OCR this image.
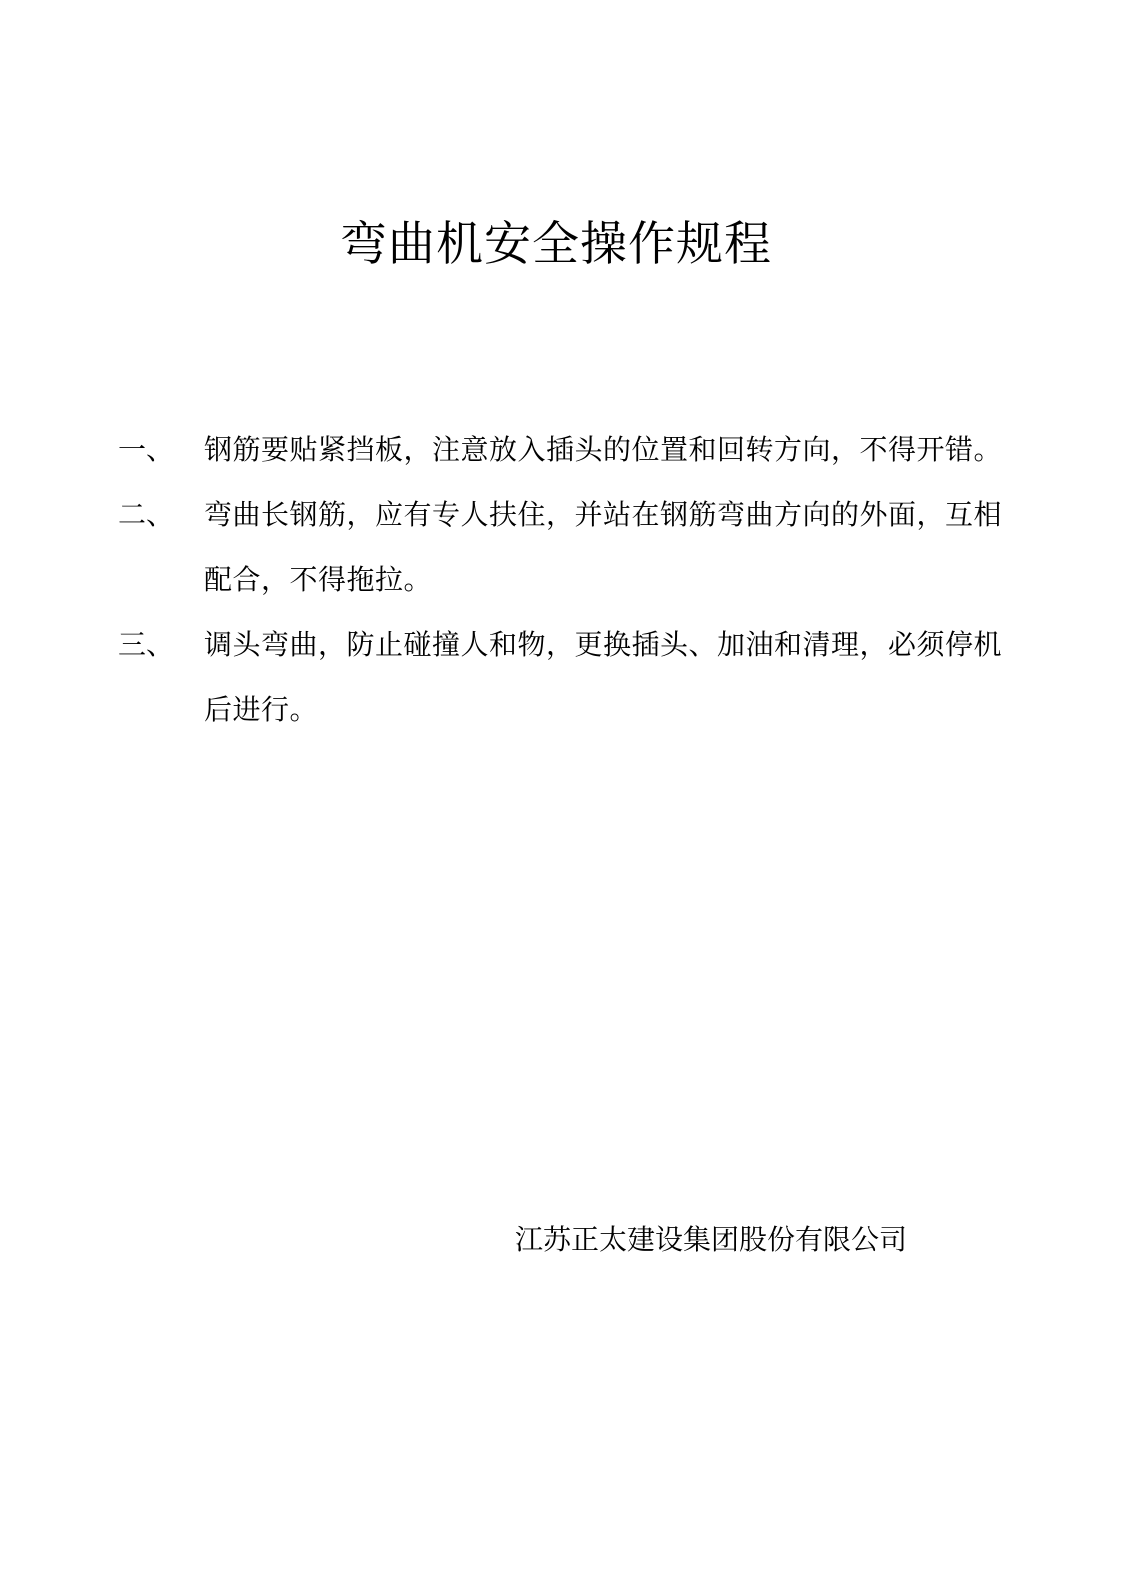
弯曲机安全操作规程
一、	钢筋要贴紧挡板，注意放入插头的位置和回转方向，不得开错。
二、	弯曲长钢筋，应有专人扶住，并站在钢筋弯曲方向的外面，互相配合，不得拖拉。
三、	调头弯曲，防止碰撞人和物，更换插头、加油和清理，必须停机后进行。
江苏正太建设集团股份有限公司
